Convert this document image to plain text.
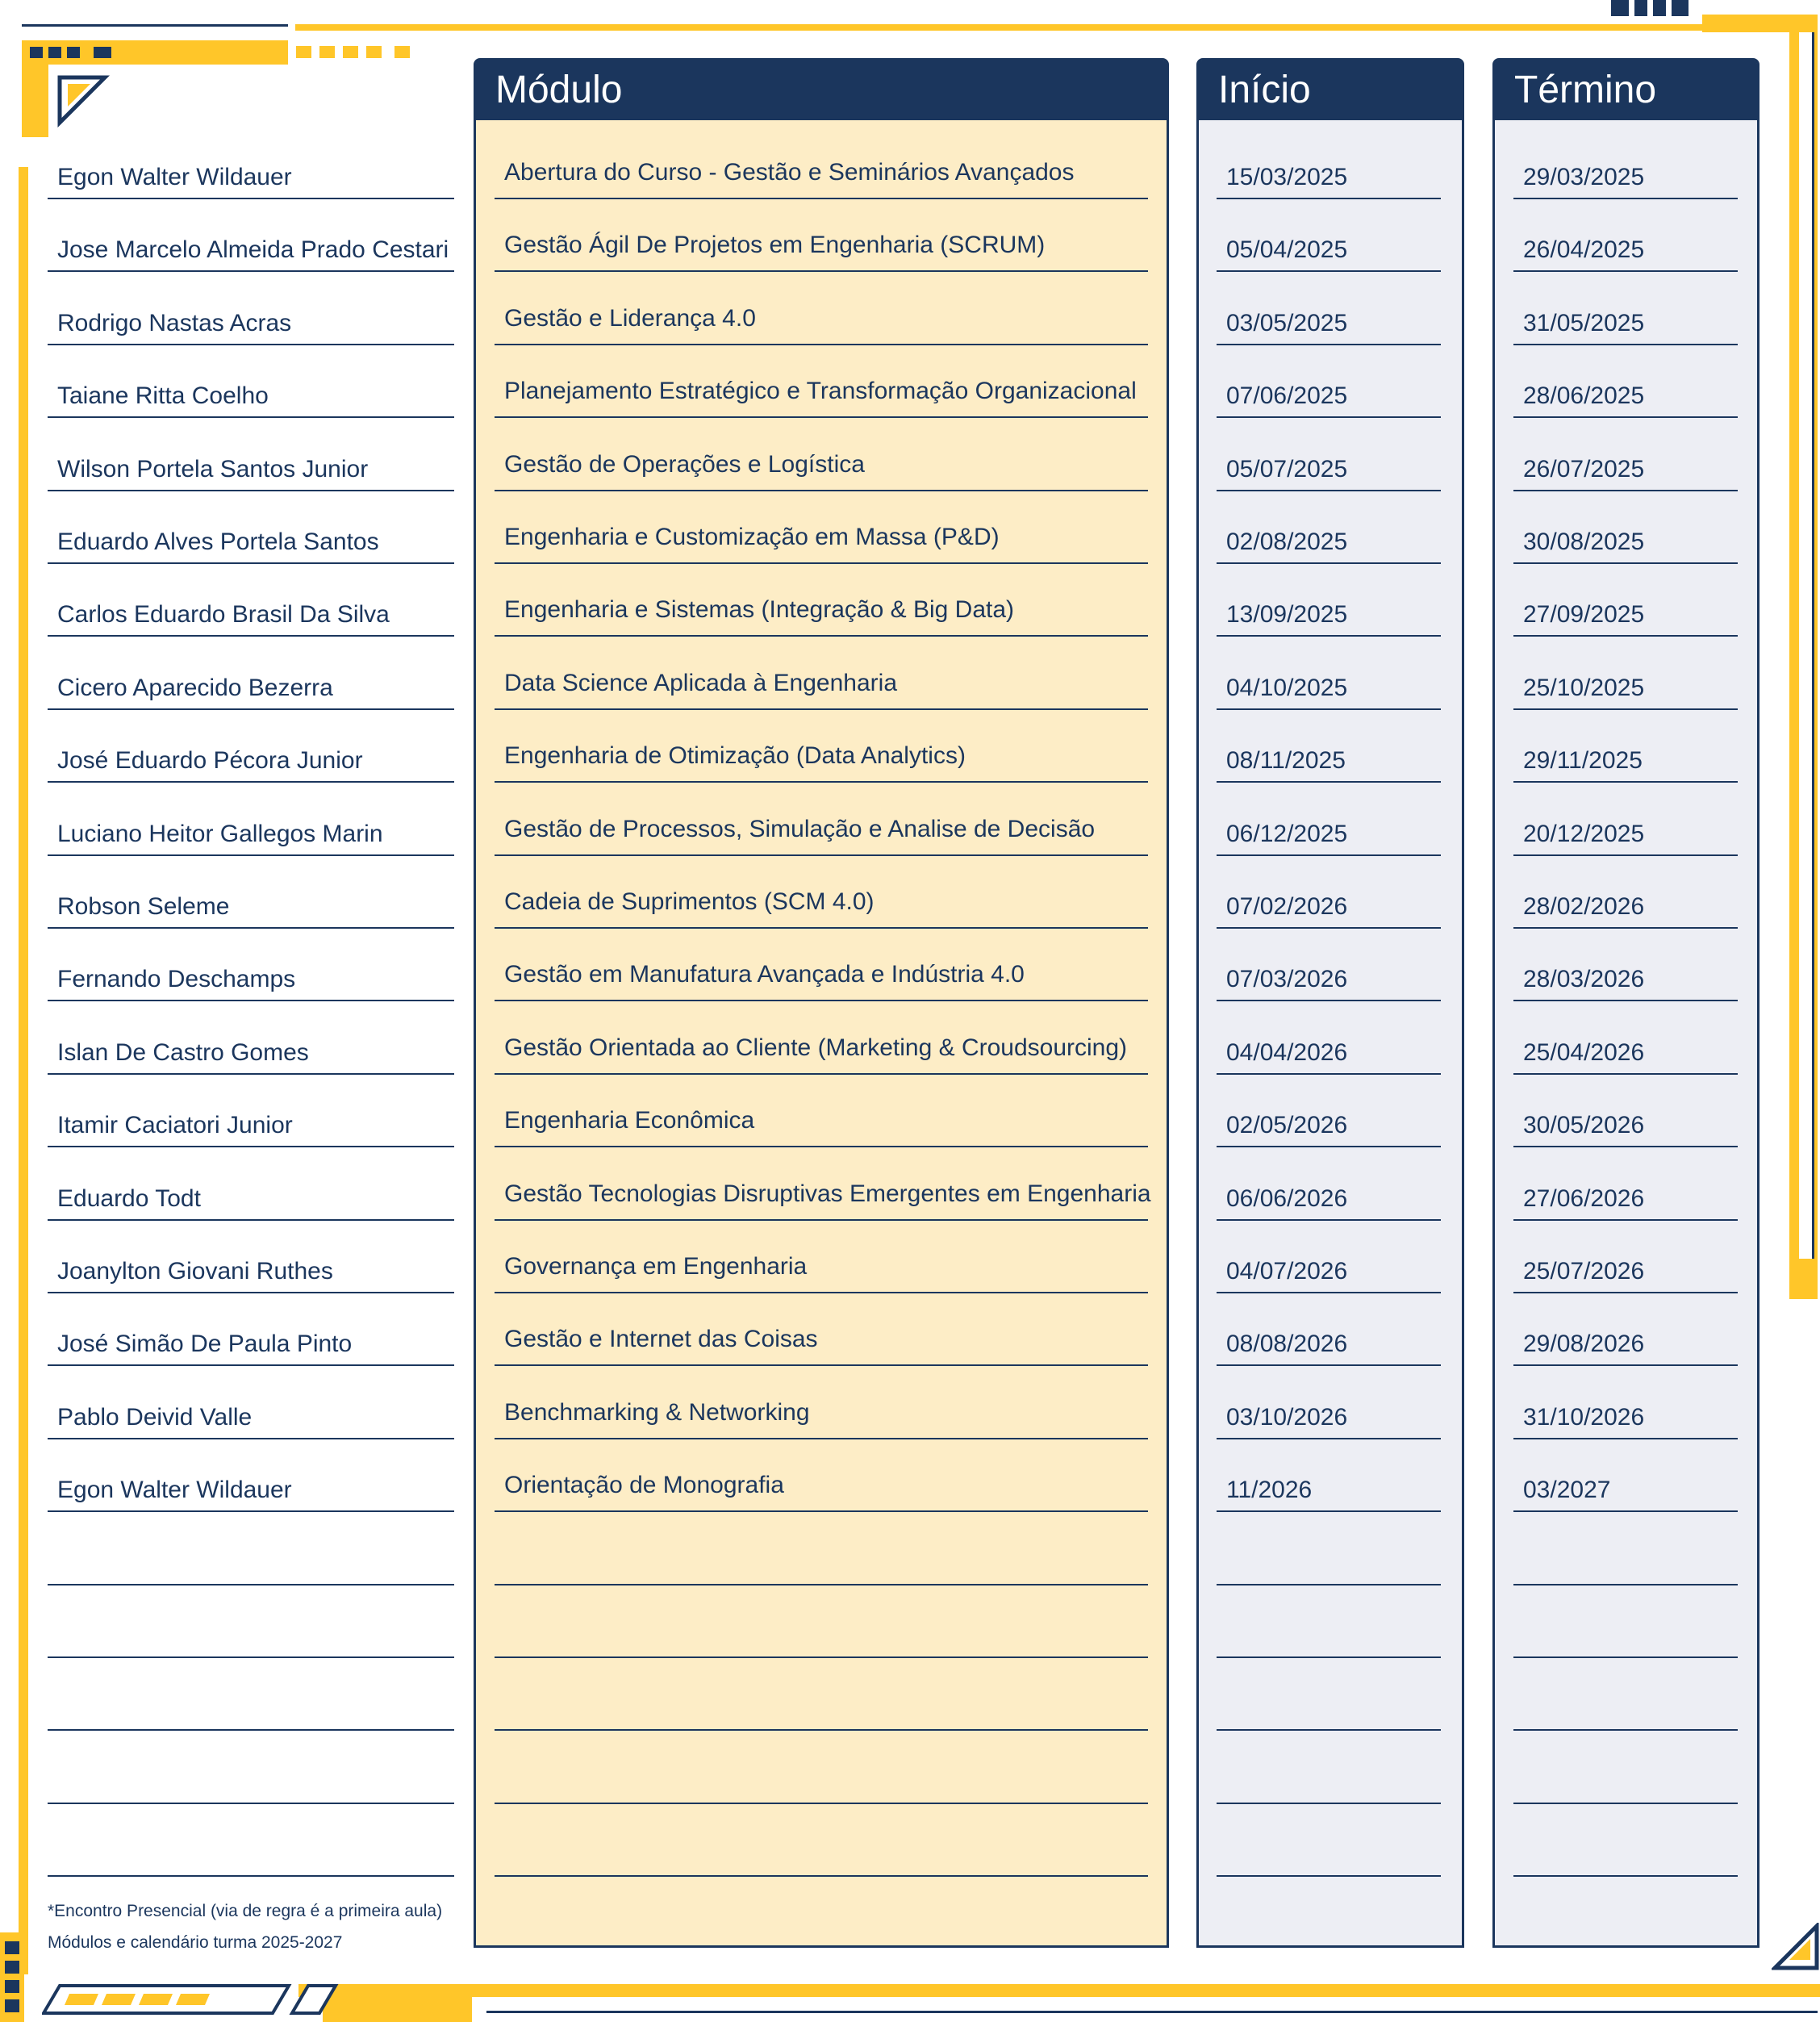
Módulo	Início	Término
Egon Walter Wildauer	Abertura do Curso - Gestão e Seminários Avançados	15/03/2025	29/03/2025
Jose Marcelo Almeida Prado Cestari	Gestão Ágil De Projetos em Engenharia (SCRUM)	05/04/2025	26/04/2025
Rodrigo Nastas Acras	Gestão e Liderança 4.0	03/05/2025	31/05/2025
Taiane Ritta Coelho	Planejamento Estratégico e Transformação Organizacional	07/06/2025	28/06/2025
Wilson Portela Santos Junior	Gestão de Operações e Logística	05/07/2025	26/07/2025
Eduardo Alves Portela Santos	Engenharia e Customização em Massa (P&D)	02/08/2025	30/08/2025
Carlos Eduardo Brasil Da Silva	Engenharia e Sistemas (Integração & Big Data)	13/09/2025	27/09/2025
Cicero Aparecido Bezerra	Data Science Aplicada à Engenharia	04/10/2025	25/10/2025
José Eduardo Pécora Junior	Engenharia de Otimização (Data Analytics)	08/11/2025	29/11/2025
Luciano Heitor Gallegos Marin	Gestão de Processos, Simulação e Analise de Decisão	06/12/2025	20/12/2025
Robson Seleme	Cadeia de Suprimentos (SCM 4.0)	07/02/2026	28/02/2026
Fernando Deschamps	Gestão em Manufatura Avançada e Indústria 4.0	07/03/2026	28/03/2026
Islan De Castro Gomes	Gestão Orientada ao Cliente (Marketing & Croudsourcing)	04/04/2026	25/04/2026
Itamir Caciatori Junior	Engenharia Econômica	02/05/2026	30/05/2026
Eduardo Todt	Gestão Tecnologias Disruptivas Emergentes em Engenharia	06/06/2026	27/06/2026
Joanylton Giovani Ruthes	Governança em Engenharia	04/07/2026	25/07/2026
José Simão De Paula Pinto	Gestão e Internet das Coisas	08/08/2026	29/08/2026
Pablo Deivid Valle	Benchmarking & Networking	03/10/2026	31/10/2026
Egon Walter Wildauer	Orientação de Monografia	11/2026	03/2027
*Encontro Presencial (via de regra é a primeira aula)
Módulos e calendário turma 2025-2027
